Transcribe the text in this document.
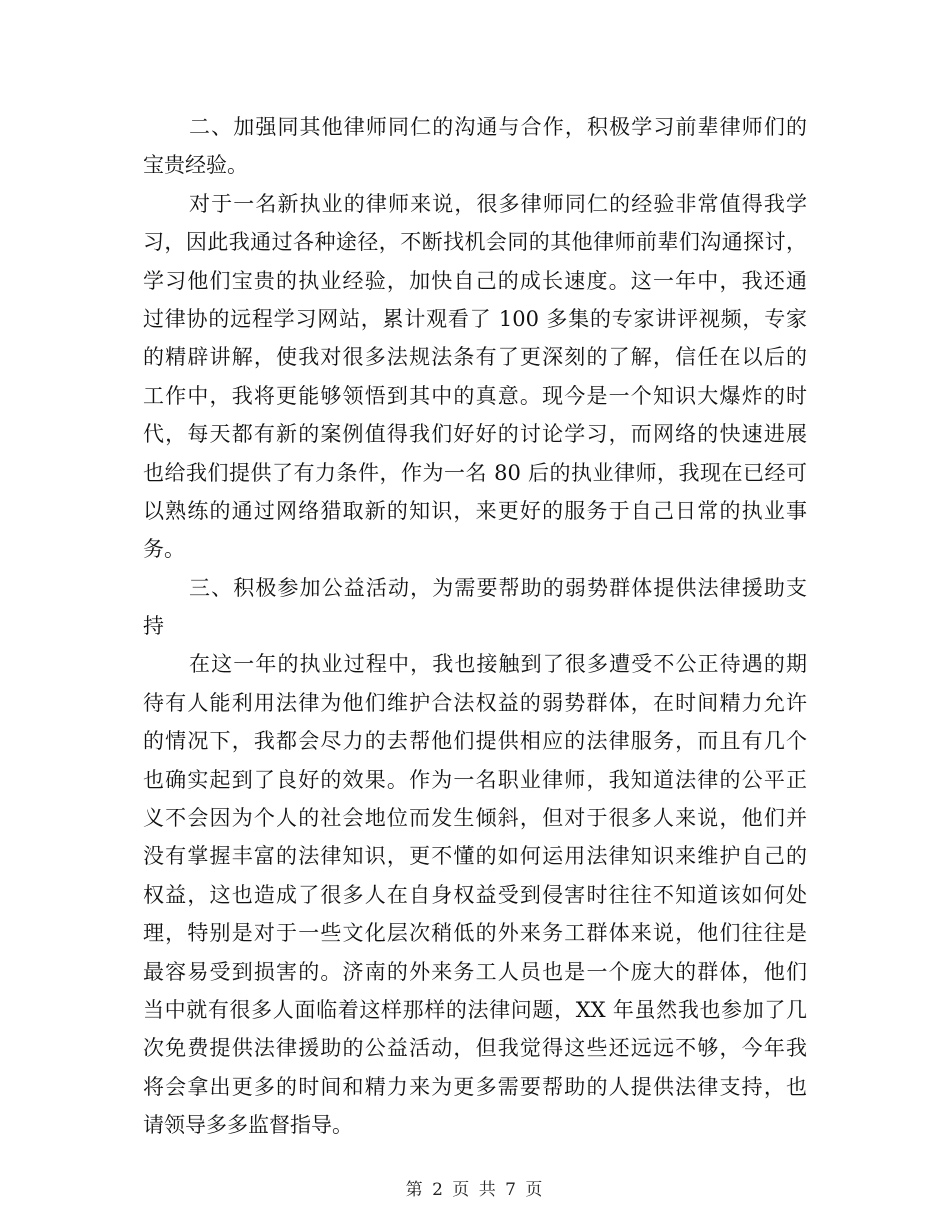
二、加强同其他律师同仁的沟通与合作，积极学习前辈律师们的
宝贵经验。
对于一名新执业的律师来说，很多律师同仁的经验非常值得我学
习，因此我通过各种途径，不断找机会同的其他律师前辈们沟通探讨，
学习他们宝贵的执业经验，加快自己的成长速度。这一年中，我还通
过律协的远程学习网站，累计观看了 100 多集的专家讲评视频，专家
的精辟讲解，使我对很多法规法条有了更深刻的了解，信任在以后的
工作中，我将更能够领悟到其中的真意。现今是一个知识大爆炸的时
代，每天都有新的案例值得我们好好的讨论学习，而网络的快速进展
也给我们提供了有力条件，作为一名 80 后的执业律师，我现在已经可
以熟练的通过网络猎取新的知识，来更好的服务于自己日常的执业事
务。
三、积极参加公益活动，为需要帮助的弱势群体提供法律援助支
持
在这一年的执业过程中，我也接触到了很多遭受不公正待遇的期
待有人能利用法律为他们维护合法权益的弱势群体，在时间精力允许
的情况下，我都会尽力的去帮他们提供相应的法律服务，而且有几个
也确实起到了良好的效果。作为一名职业律师，我知道法律的公平正
义不会因为个人的社会地位而发生倾斜，但对于很多人来说，他们并
没有掌握丰富的法律知识，更不懂的如何运用法律知识来维护自己的
权益，这也造成了很多人在自身权益受到侵害时往往不知道该如何处
理，特别是对于一些文化层次稍低的外来务工群体来说，他们往往是
最容易受到损害的。济南的外来务工人员也是一个庞大的群体，他们
当中就有很多人面临着这样那样的法律问题，XX 年虽然我也参加了几
次免费提供法律援助的公益活动，但我觉得这些还远远不够，今年我
将会拿出更多的时间和精力来为更多需要帮助的人提供法律支持，也
请领导多多监督指导。
第 2 页 共 7 页
